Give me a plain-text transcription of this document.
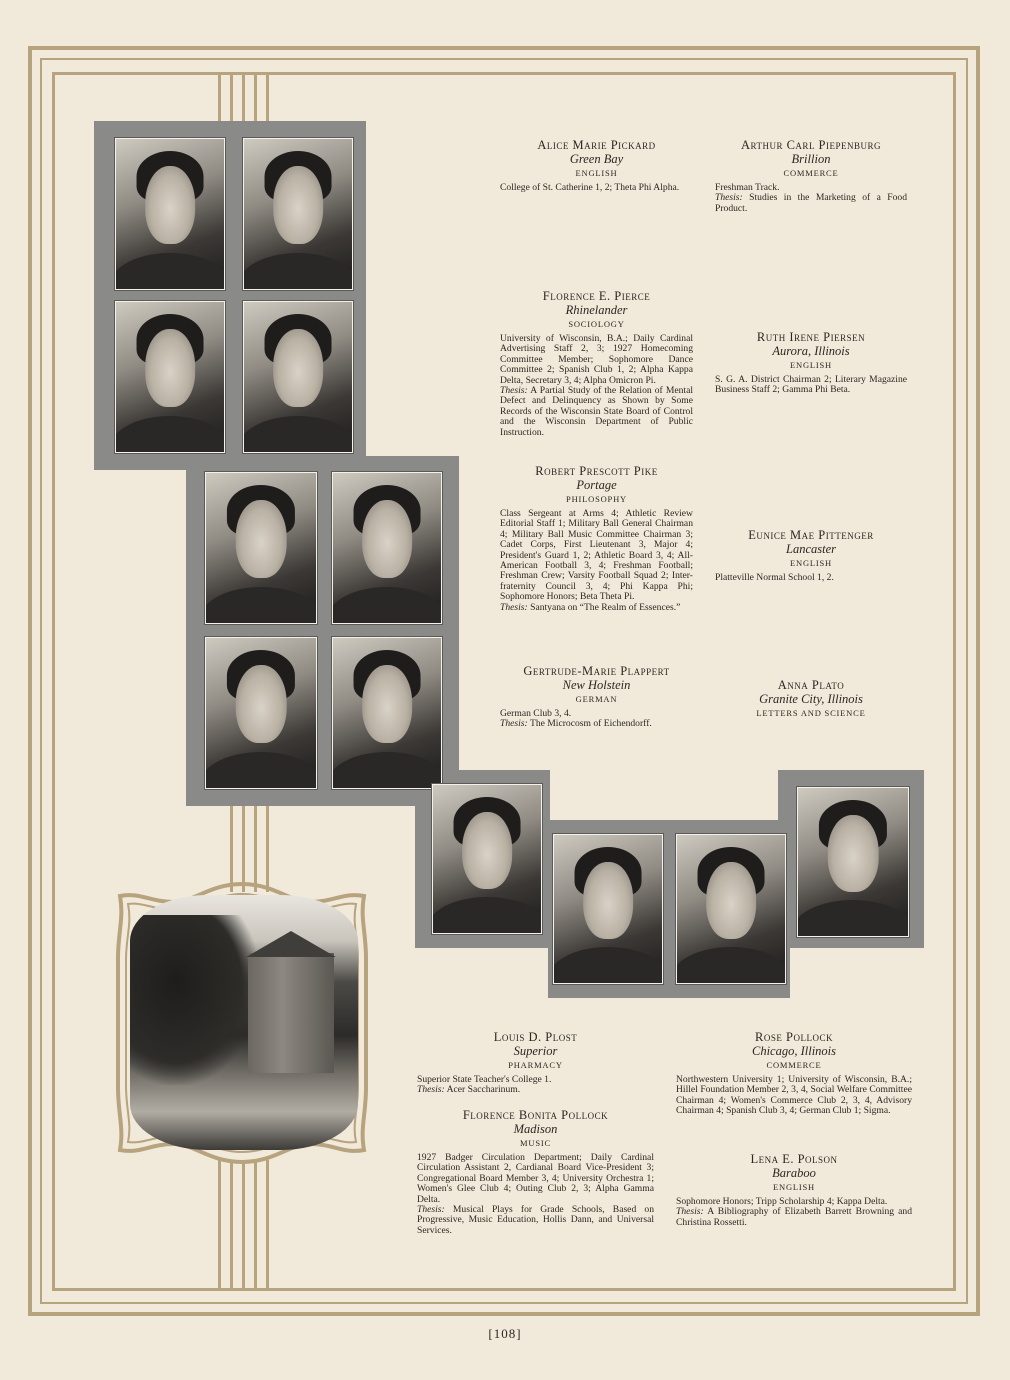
Alice Marie Pickard
Green Bay
ENGLISH
College of St. Catherine 1, 2; Theta Phi Alpha.
Arthur Carl Piepenburg
Brillion
COMMERCE
Freshman Track.
Thesis: Studies in the Marketing of a Food Product.
Florence E. Pierce
Rhinelander
SOCIOLOGY
University of Wisconsin, B.A.; Daily Cardinal Advertising Staff 2, 3; 1927 Homecoming Committee Member; Sophomore Dance Committee 2; Spanish Club 1, 2; Alpha Kappa Delta, Secretary 3, 4; Alpha Omicron Pi.
Thesis: A Partial Study of the Relation of Mental Defect and Delinquency as Shown by Some Records of the Wisconsin State Board of Control and the Wisconsin Department of Public Instruction.
Ruth Irene Piersen
Aurora, Illinois
ENGLISH
S. G. A. District Chairman 2; Literary Magazine Business Staff 2; Gamma Phi Beta.
Robert Prescott Pike
Portage
PHILOSOPHY
Class Sergeant at Arms 4; Athletic Review Editorial Staff 1; Military Ball General Chairman 4; Military Ball Music Committee Chairman 3; Cadet Corps, First Lieutenant 3, Major 4; President's Guard 1, 2; Athletic Board 3, 4; All-American Football 3, 4; Freshman Football; Freshman Crew; Varsity Football Squad 2; Inter-fraternity Council 3, 4; Phi Kappa Phi; Sophomore Honors; Beta Theta Pi.
Thesis: Santyana on “The Realm of Essences.”
Eunice Mae Pittenger
Lancaster
ENGLISH
Platteville Normal School 1, 2.
Gertrude-Marie Plappert
New Holstein
GERMAN
German Club 3, 4.
Thesis: The Microcosm of Eichendorff.
Anna Plato
Granite City, Illinois
LETTERS AND SCIENCE
Louis D. Plost
Superior
PHARMACY
Superior State Teacher's College 1.
Thesis: Acer Saccharinum.
Rose Pollock
Chicago, Illinois
COMMERCE
Northwestern University 1; University of Wisconsin, B.A.; Hillel Foundation Member 2, 3, 4, Social Welfare Committee Chairman 4; Women's Commerce Club 2, 3, 4, Advisory Chairman 4; Spanish Club 3, 4; German Club 1; Sigma.
Florence Bonita Pollock
Madison
MUSIC
1927 Badger Circulation Department; Daily Cardinal Circulation Assistant 2, Cardianal Board Vice-President 3; Congregational Board Member 3, 4; University Orchestra 1; Women's Glee Club 4; Outing Club 2, 3; Alpha Gamma Delta.
Thesis: Musical Plays for Grade Schools, Based on Progressive, Music Education, Hollis Dann, and Universal Services.
Lena E. Polson
Baraboo
ENGLISH
Sophomore Honors; Tripp Scholarship 4; Kappa Delta.
Thesis: A Bibliography of Elizabeth Barrett Browning and Christina Rossetti.
[108]
